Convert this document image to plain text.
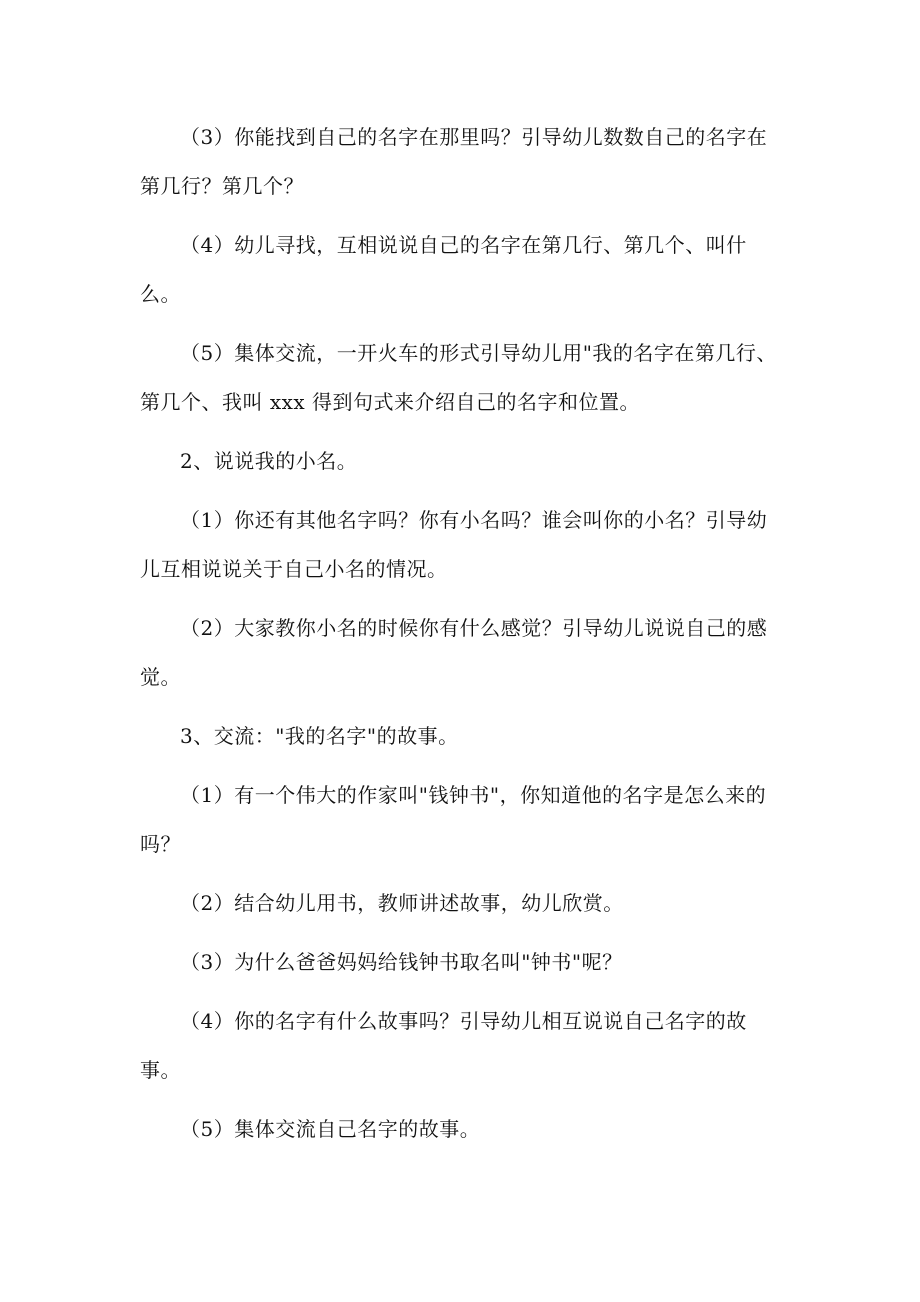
（3）你能找到自己的名字在那里吗？引导幼儿数数自己的名字在第几行？第几个？

（4）幼儿寻找，互相说说自己的名字在第几行、第几个、叫什么。

（5）集体交流，一开火车的形式引导幼儿用"我的名字在第几行、第几个、我叫 xxx 得到句式来介绍自己的名字和位置。

2、说说我的小名。

（1）你还有其他名字吗？你有小名吗？谁会叫你的小名？引导幼儿互相说说关于自己小名的情况。

（2）大家教你小名的时候你有什么感觉？引导幼儿说说自己的感觉。

3、交流："我的名字"的故事。

（1）有一个伟大的作家叫"钱钟书"，你知道他的名字是怎么来的吗？

（2）结合幼儿用书，教师讲述故事，幼儿欣赏。

（3）为什么爸爸妈妈给钱钟书取名叫"钟书"呢？

（4）你的名字有什么故事吗？引导幼儿相互说说自己名字的故事。

（5）集体交流自己名字的故事。
